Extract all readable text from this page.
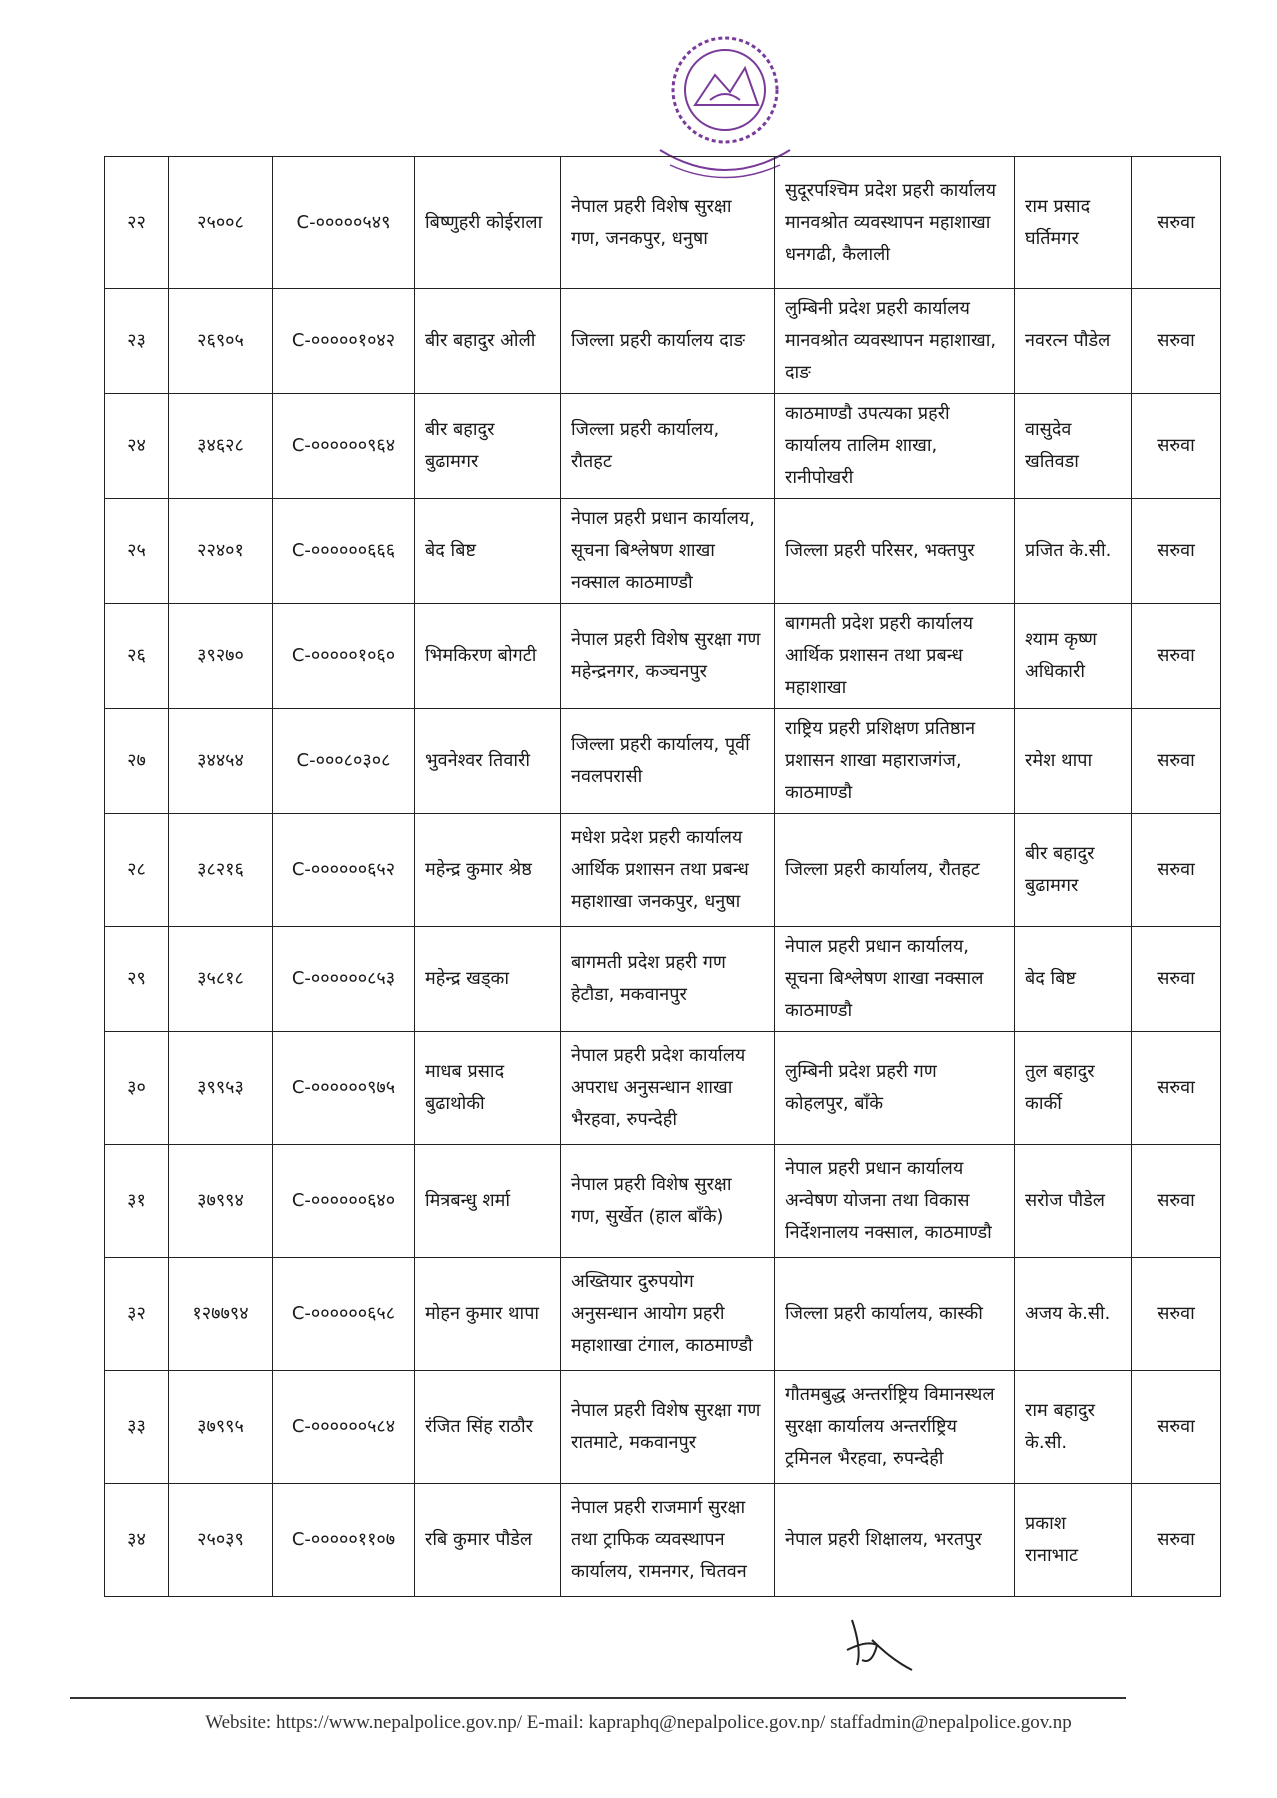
२२	२५००८	C-०००००५४९	बिष्णुहरी कोईराला	नेपाल प्रहरी विशेष सुरक्षा गण, जनकपुर, धनुषा	सुदूरपश्चिम प्रदेश प्रहरी कार्यालय मानवश्रोत व्यवस्थापन महाशाखा धनगढी, कैलाली	राम प्रसाद घर्तिमगर	सरुवा
२३	२६९०५	C-०००००१०४२	बीर बहादुर ओली	जिल्ला प्रहरी कार्यालय दाङ	लुम्बिनी प्रदेश प्रहरी कार्यालय मानवश्रोत व्यवस्थापन महाशाखा, दाङ	नवरत्न पौडेल	सरुवा
२४	३४६२८	C-००००००९६४	बीर बहादुर बुढामगर	जिल्ला प्रहरी कार्यालय, रौतहट	काठमाण्डौ उपत्यका प्रहरी कार्यालय तालिम शाखा, रानीपोखरी	वासुदेव खतिवडा	सरुवा
२५	२२४०१	C-००००००६६६	बेद बिष्ट	नेपाल प्रहरी प्रधान कार्यालय, सूचना बिश्लेषण शाखा नक्साल काठमाण्डौ	जिल्ला प्रहरी परिसर, भक्तपुर	प्रजित के.सी.	सरुवा
२६	३९२७०	C-०००००१०६०	भिमकिरण बोगटी	नेपाल प्रहरी विशेष सुरक्षा गण महेन्द्रनगर, कञ्चनपुर	बागमती प्रदेश प्रहरी कार्यालय आर्थिक प्रशासन तथा प्रबन्ध महाशाखा	श्याम कृष्ण अधिकारी	सरुवा
२७	३४४५४	C-०००८०३०८	भुवनेश्वर तिवारी	जिल्ला प्रहरी कार्यालय, पूर्वी नवलपरासी	राष्ट्रिय प्रहरी प्रशिक्षण प्रतिष्ठान प्रशासन शाखा महाराजगंज, काठमाण्डौ	रमेश थापा	सरुवा
२८	३८२१६	C-००००००६५२	महेन्द्र कुमार श्रेष्ठ	मधेश प्रदेश प्रहरी कार्यालय आर्थिक प्रशासन तथा प्रबन्ध महाशाखा जनकपुर, धनुषा	जिल्ला प्रहरी कार्यालय, रौतहट	बीर बहादुर बुढामगर	सरुवा
२९	३५८१८	C-००००००८५३	महेन्द्र खड्का	बागमती प्रदेश प्रहरी गण हेटौडा, मकवानपुर	नेपाल प्रहरी प्रधान कार्यालय, सूचना बिश्लेषण शाखा नक्साल काठमाण्डौ	बेद बिष्ट	सरुवा
३०	३९९५३	C-००००००९७५	माधब प्रसाद बुढाथोकी	नेपाल प्रहरी प्रदेश कार्यालय अपराध अनुसन्धान शाखा भैरहवा, रुपन्देही	लुम्बिनी प्रदेश प्रहरी गण कोहलपुर, बाँके	तुल बहादुर कार्की	सरुवा
३१	३७९९४	C-००००००६४०	मित्रबन्धु शर्मा	नेपाल प्रहरी विशेष सुरक्षा गण, सुर्खेत (हाल बाँके)	नेपाल प्रहरी प्रधान कार्यालय अन्वेषण योजना तथा विकास निर्देशनालय नक्साल, काठमाण्डौ	सरोज पौडेल	सरुवा
३२	१२७७९४	C-००००००६५८	मोहन कुमार थापा	अख्तियार दुरुपयोग अनुसन्धान आयोग प्रहरी महाशाखा टंगाल, काठमाण्डौ	जिल्ला प्रहरी कार्यालय, कास्की	अजय के.सी.	सरुवा
३३	३७९९५	C-००००००५८४	रंजित सिंह राठौर	नेपाल प्रहरी विशेष सुरक्षा गण रातमाटे, मकवानपुर	गौतमबुद्ध अन्तर्राष्ट्रिय विमानस्थल सुरक्षा कार्यालय अन्तर्राष्ट्रिय ट्रमिनल भैरहवा, रुपन्देही	राम बहादुर के.सी.	सरुवा
३४	२५०३९	C-०००००११०७	रबि कुमार पौडेल	नेपाल प्रहरी राजमार्ग सुरक्षा तथा ट्राफिक व्यवस्थापन कार्यालय, रामनगर, चितवन	नेपाल प्रहरी शिक्षालय, भरतपुर	प्रकाश रानाभाट	सरुवा
Website: https://www.nepalpolice.gov.np/ E-mail: kapraphq@nepalpolice.gov.np/ staffadmin@nepalpolice.gov.np
